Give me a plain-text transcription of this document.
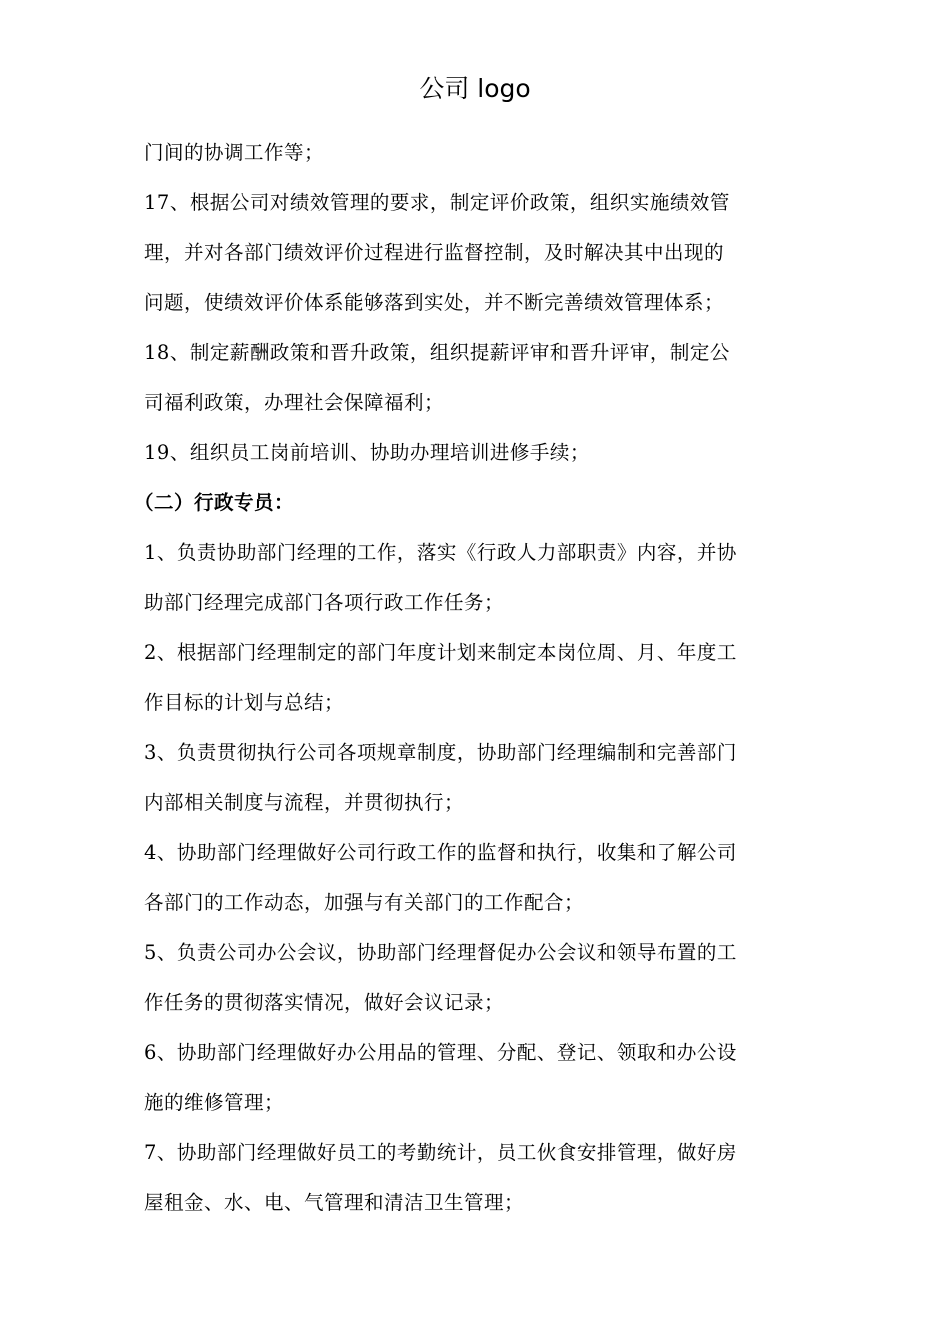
公司 logo
门间的协调工作等；
17、根据公司对绩效管理的要求，制定评价政策，组织实施绩效管
理，并对各部门绩效评价过程进行监督控制，及时解决其中出现的
问题，使绩效评价体系能够落到实处，并不断完善绩效管理体系；
18、制定薪酬政策和晋升政策，组织提薪评审和晋升评审，制定公
司福利政策，办理社会保障福利；
19、组织员工岗前培训、协助办理培训进修手续；
（二）行政专员：
1、负责协助部门经理的工作，落实《行政人力部职责》内容，并协
助部门经理完成部门各项行政工作任务；
2、根据部门经理制定的部门年度计划来制定本岗位周、月、年度工
作目标的计划与总结；
3、负责贯彻执行公司各项规章制度，协助部门经理编制和完善部门
内部相关制度与流程，并贯彻执行；
4、协助部门经理做好公司行政工作的监督和执行，收集和了解公司
各部门的工作动态，加强与有关部门的工作配合；
5、负责公司办公会议，协助部门经理督促办公会议和领导布置的工
作任务的贯彻落实情况，做好会议记录；
6、协助部门经理做好办公用品的管理、分配、登记、领取和办公设
施的维修管理；
7、协助部门经理做好员工的考勤统计，员工伙食安排管理，做好房
屋租金、水、电、气管理和清洁卫生管理；
